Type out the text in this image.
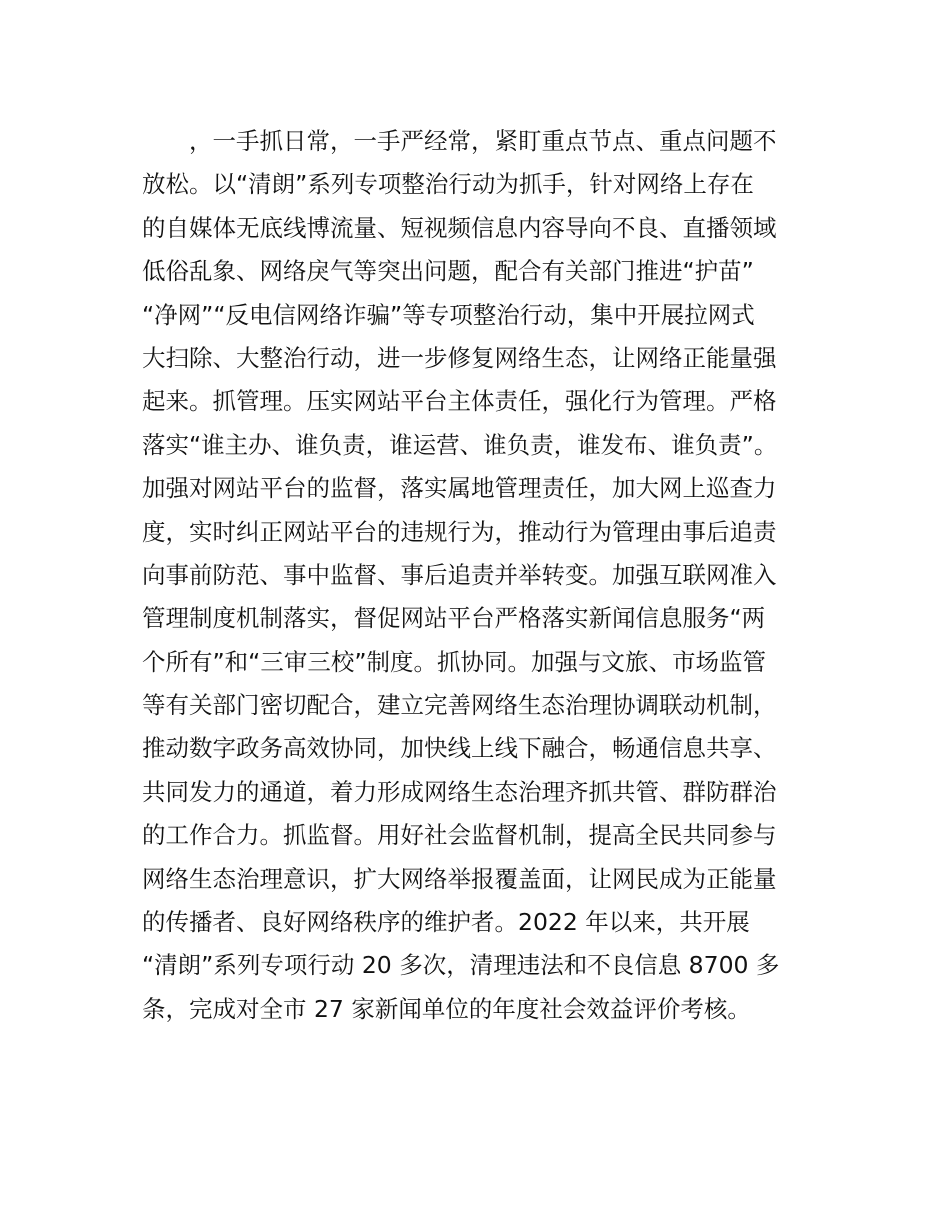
，一手抓日常，一手严经常，紧盯重点节点、重点问题不
放松。以“清朗”系列专项整治行动为抓手，针对网络上存在
的自媒体无底线博流量、短视频信息内容导向不良、直播领域
低俗乱象、网络戾气等突出问题，配合有关部门推进“护苗”
“净网”“反电信网络诈骗”等专项整治行动，集中开展拉网式
大扫除、大整治行动，进一步修复网络生态，让网络正能量强
起来。抓管理。压实网站平台主体责任，强化行为管理。严格
落实“谁主办、谁负责，谁运营、谁负责，谁发布、谁负责”。
加强对网站平台的监督，落实属地管理责任，加大网上巡查力
度，实时纠正网站平台的违规行为，推动行为管理由事后追责
向事前防范、事中监督、事后追责并举转变。加强互联网准入
管理制度机制落实，督促网站平台严格落实新闻信息服务“两
个所有”和“三审三校”制度。抓协同。加强与文旅、市场监管
等有关部门密切配合，建立完善网络生态治理协调联动机制，
推动数字政务高效协同，加快线上线下融合，畅通信息共享、
共同发力的通道，着力形成网络生态治理齐抓共管、群防群治
的工作合力。抓监督。用好社会监督机制，提高全民共同参与
网络生态治理意识，扩大网络举报覆盖面，让网民成为正能量
的传播者、良好网络秩序的维护者。2022 年以来，共开展
“清朗”系列专项行动 20 多次，清理违法和不良信息 8700 多
条，完成对全市 27 家新闻单位的年度社会效益评价考核。
